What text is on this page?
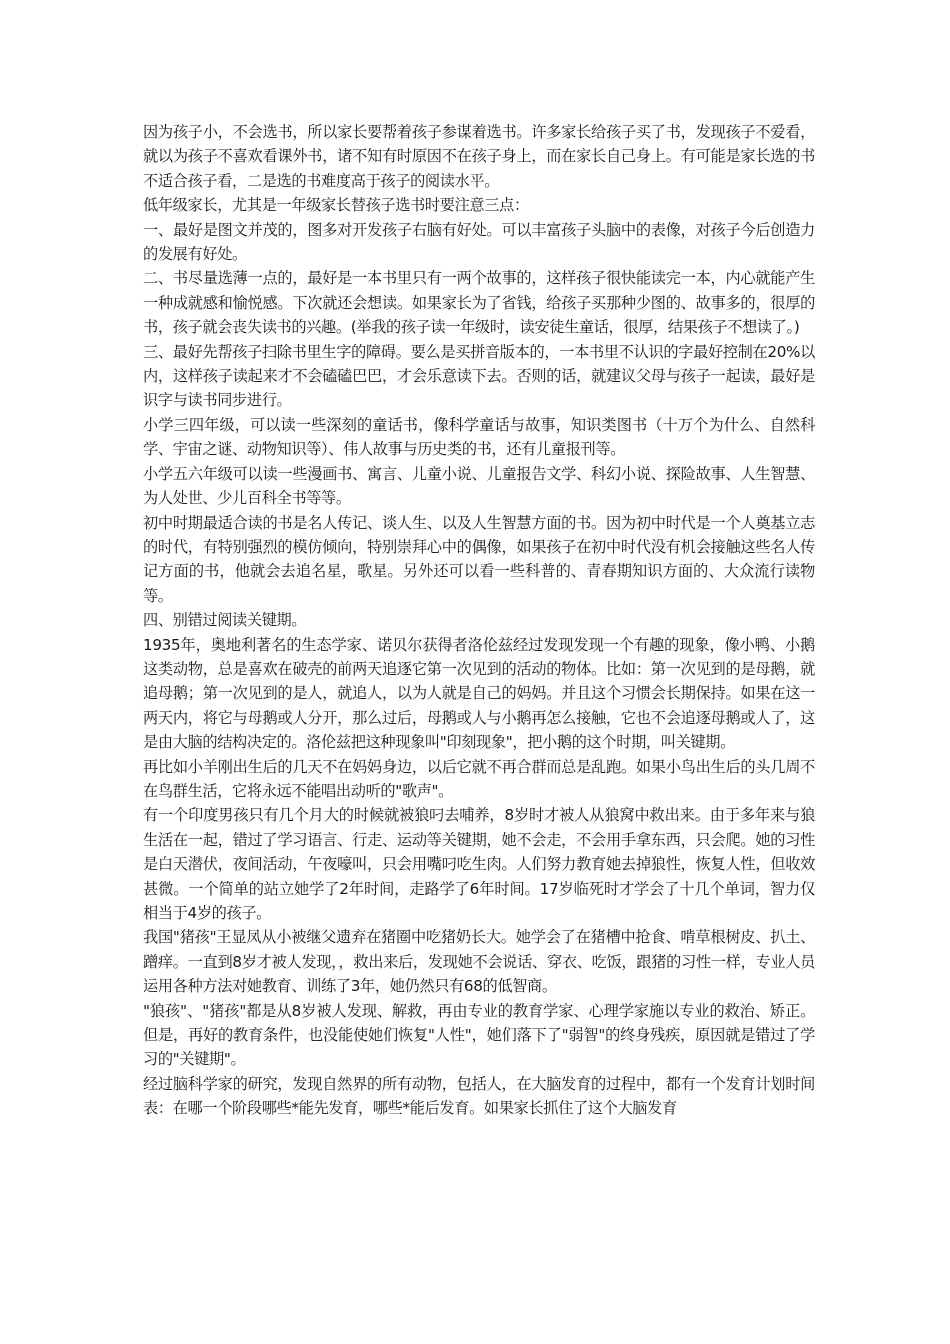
因为孩子小，不会选书，所以家长要帮着孩子参谋着选书。许多家长给孩子买了书，发现孩子不爱看，就以为孩子不喜欢看课外书，诸不知有时原因不在孩子身上，而在家长自己身上。有可能是家长选的书不适合孩子看，二是选的书难度高于孩子的阅读水平。

低年级家长，尤其是一年级家长替孩子选书时要注意三点：

一、最好是图文并茂的，图多对开发孩子右脑有好处。可以丰富孩子头脑中的表像，对孩子今后创造力的发展有好处。

二、书尽量选薄一点的，最好是一本书里只有一两个故事的，这样孩子很快能读完一本，内心就能产生一种成就感和愉悦感。下次就还会想读。如果家长为了省钱，给孩子买那种少图的、故事多的，很厚的书，孩子就会丧失读书的兴趣。(举我的孩子读一年级时，读安徒生童话，很厚，结果孩子不想读了。)

三、最好先帮孩子扫除书里生字的障碍。要么是买拼音版本的，一本书里不认识的字最好控制在20%以内，这样孩子读起来才不会磕磕巴巴，才会乐意读下去。否则的话，就建议父母与孩子一起读，最好是识字与读书同步进行。

小学三四年级，可以读一些深刻的童话书，像科学童话与故事，知识类图书（十万个为什么、自然科学、宇宙之谜、动物知识等）、伟人故事与历史类的书，还有儿童报刊等。

小学五六年级可以读一些漫画书、寓言、儿童小说、儿童报告文学、科幻小说、探险故事、人生智慧、为人处世、少儿百科全书等等。

初中时期最适合读的书是名人传记、谈人生、以及人生智慧方面的书。因为初中时代是一个人奠基立志的时代，有特别强烈的模仿倾向，特别崇拜心中的偶像，如果孩子在初中时代没有机会接触这些名人传记方面的书，他就会去追名星，歌星。另外还可以看一些科普的、青春期知识方面的、大众流行读物等。

四、别错过阅读关键期。

1935年，奥地利著名的生态学家、诺贝尔获得者洛伦兹经过发现发现一个有趣的现象，像小鸭、小鹅这类动物，总是喜欢在破壳的前两天追逐它第一次见到的活动的物体。比如：第一次见到的是母鹅，就追母鹅；第一次见到的是人，就追人，以为人就是自己的妈妈。并且这个习惯会长期保持。如果在这一两天内，将它与母鹅或人分开，那么过后，母鹅或人与小鹅再怎么接触，它也不会追逐母鹅或人了，这是由大脑的结构决定的。洛伦兹把这种现象叫"印刻现象"，把小鹅的这个时期，叫关键期。

再比如小羊刚出生后的几天不在妈妈身边，以后它就不再合群而总是乱跑。如果小鸟出生后的头几周不在鸟群生活，它将永远不能唱出动听的"歌声"。

有一个印度男孩只有几个月大的时候就被狼叼去哺养，8岁时才被人从狼窝中救出来。由于多年来与狼生活在一起，错过了学习语言、行走、运动等关键期，她不会走，不会用手拿东西，只会爬。她的习性是白天潜伏，夜间活动，午夜嚎叫，只会用嘴叼吃生肉。人们努力教育她去掉狼性，恢复人性，但收效甚微。一个简单的站立她学了2年时间，走路学了6年时间。17岁临死时才学会了十几个单词，智力仅相当于4岁的孩子。

我国"猪孩"王显凤从小被继父遗弃在猪圈中吃猪奶长大。她学会了在猪槽中抢食、啃草根树皮、扒土、蹭痒。一直到8岁才被人发现，，救出来后，发现她不会说话、穿衣、吃饭，跟猪的习性一样，专业人员运用各种方法对她教育、训练了3年，她仍然只有68的低智商。

"狼孩"、"猪孩"都是从8岁被人发现、解救，再由专业的教育学家、心理学家施以专业的救治、矫正。但是，再好的教育条件，也没能使她们恢复"人性"，她们落下了"弱智"的终身残疾，原因就是错过了学习的"关键期"。

经过脑科学家的研究，发现自然界的所有动物，包括人，在大脑发育的过程中，都有一个发育计划时间表：在哪一个阶段哪些*能先发育，哪些*能后发育。如果家长抓住了这个大脑发育
